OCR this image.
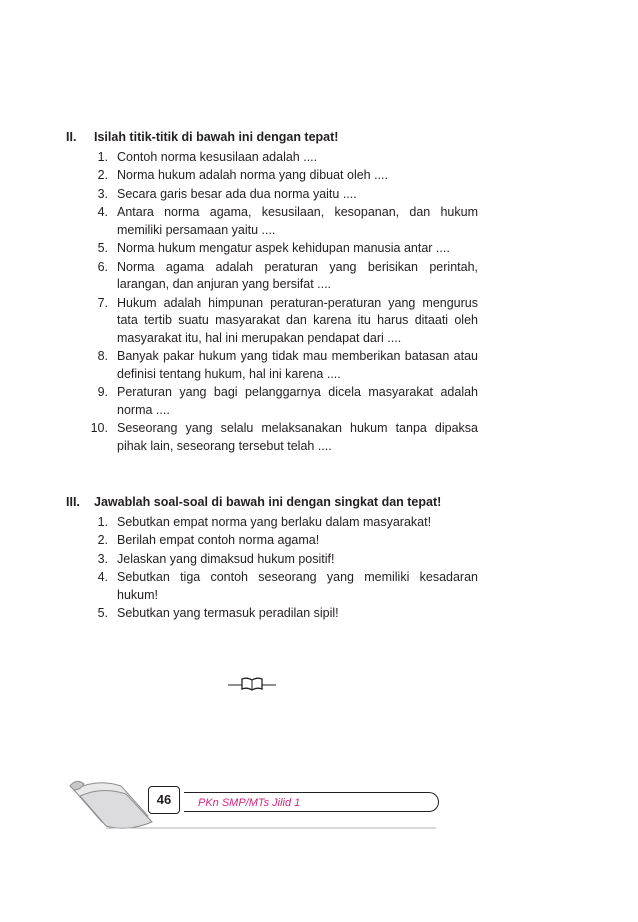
II.	Isilah titik-titik di bawah ini dengan tepat!
1. Contoh norma kesusilaan adalah ....
2. Norma hukum adalah norma yang dibuat oleh ....
3. Secara garis besar ada dua norma yaitu ....
4. Antara norma agama, kesusilaan, kesopanan, dan hukum memiliki persamaan yaitu ....
5. Norma hukum mengatur aspek kehidupan manusia antar ....
6. Norma agama adalah peraturan yang berisikan perintah, larangan, dan anjuran yang bersifat ....
7. Hukum adalah himpunan peraturan-peraturan yang mengurus tata tertib suatu masyarakat dan karena itu harus ditaati oleh masyarakat itu, hal ini merupakan pendapat dari ....
8. Banyak pakar hukum yang tidak mau memberikan batasan atau definisi tentang hukum, hal ini karena ....
9. Peraturan yang bagi pelanggarnya dicela masyarakat adalah norma ....
10. Seseorang yang selalu melaksanakan hukum tanpa dipaksa pihak lain, seseorang tersebut telah ....
III.	Jawablah soal-soal di bawah ini dengan singkat dan tepat!
1. Sebutkan empat norma yang berlaku dalam masyarakat!
2. Berilah empat contoh norma agama!
3. Jelaskan yang dimaksud hukum positif!
4. Sebutkan tiga contoh seseorang yang memiliki kesadaran hukum!
5. Sebutkan yang termasuk peradilan sipil!
46	PKn SMP/MTs Jilid 1
